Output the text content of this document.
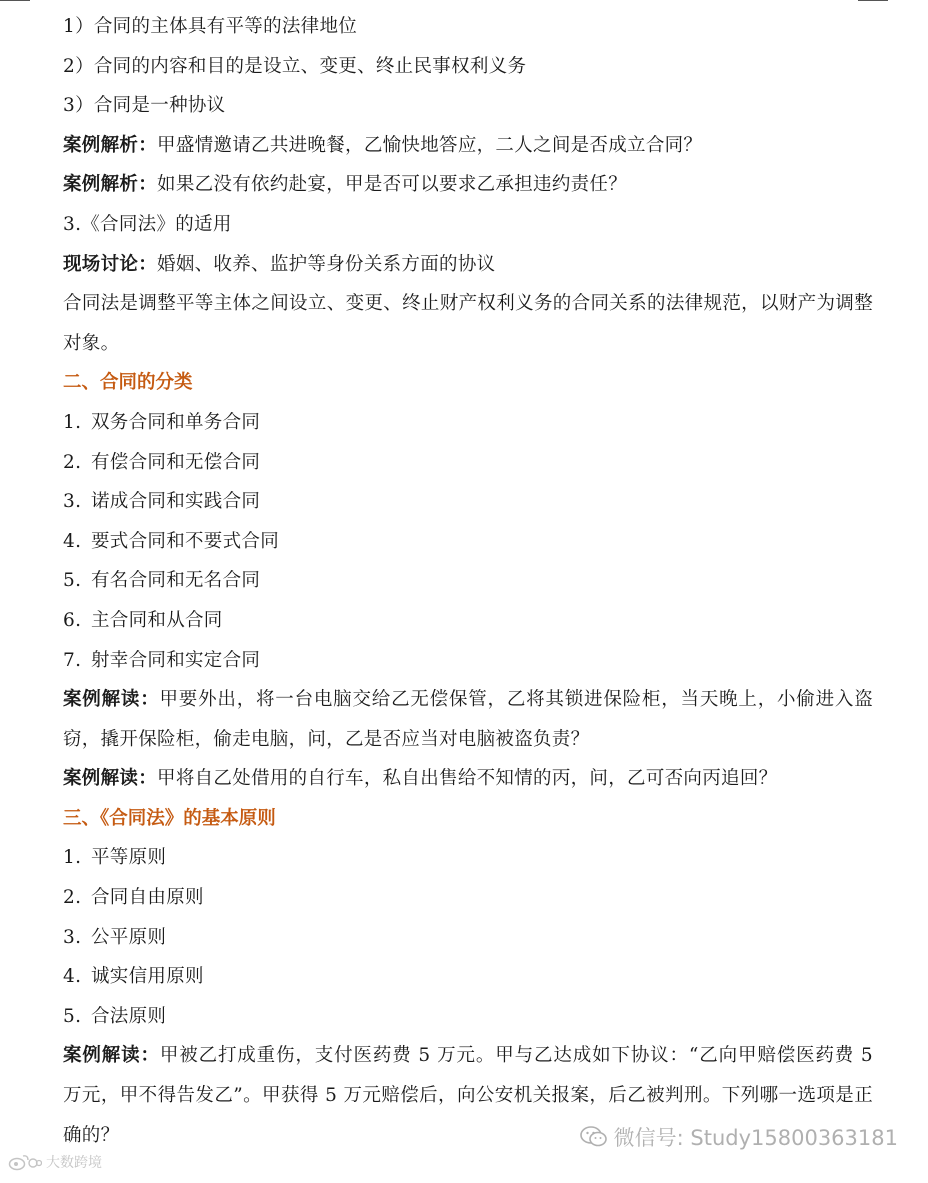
1）合同的主体具有平等的法律地位
2）合同的内容和目的是设立、变更、终止民事权利义务
3）合同是一种协议
案例解析：甲盛情邀请乙共进晚餐，乙愉快地答应，二人之间是否成立合同？
案例解析：如果乙没有依约赴宴，甲是否可以要求乙承担违约责任？
3.《合同法》的适用
现场讨论：婚姻、收养、监护等身份关系方面的协议
合同法是调整平等主体之间设立、变更、终止财产权利义务的合同关系的法律规范，以财产为调整对象。
二、合同的分类
1. 双务合同和单务合同
2. 有偿合同和无偿合同
3. 诺成合同和实践合同
4. 要式合同和不要式合同
5. 有名合同和无名合同
6. 主合同和从合同
7. 射幸合同和实定合同
案例解读：甲要外出，将一台电脑交给乙无偿保管，乙将其锁进保险柜，当天晚上，小偷进入盗窃，撬开保险柜，偷走电脑，问，乙是否应当对电脑被盗负责？
案例解读：甲将自乙处借用的自行车，私自出售给不知情的丙，问，乙可否向丙追回？
三、《合同法》的基本原则
1. 平等原则
2. 合同自由原则
3. 公平原则
4. 诚实信用原则
5. 合法原则
案例解读：甲被乙打成重伤，支付医药费 5 万元。甲与乙达成如下协议：“乙向甲赔偿医药费 5 万元，甲不得告发乙”。甲获得 5 万元赔偿后，向公安机关报案，后乙被判刑。下列哪一选项是正确的？	微信号: Study15800363181
大数跨境
